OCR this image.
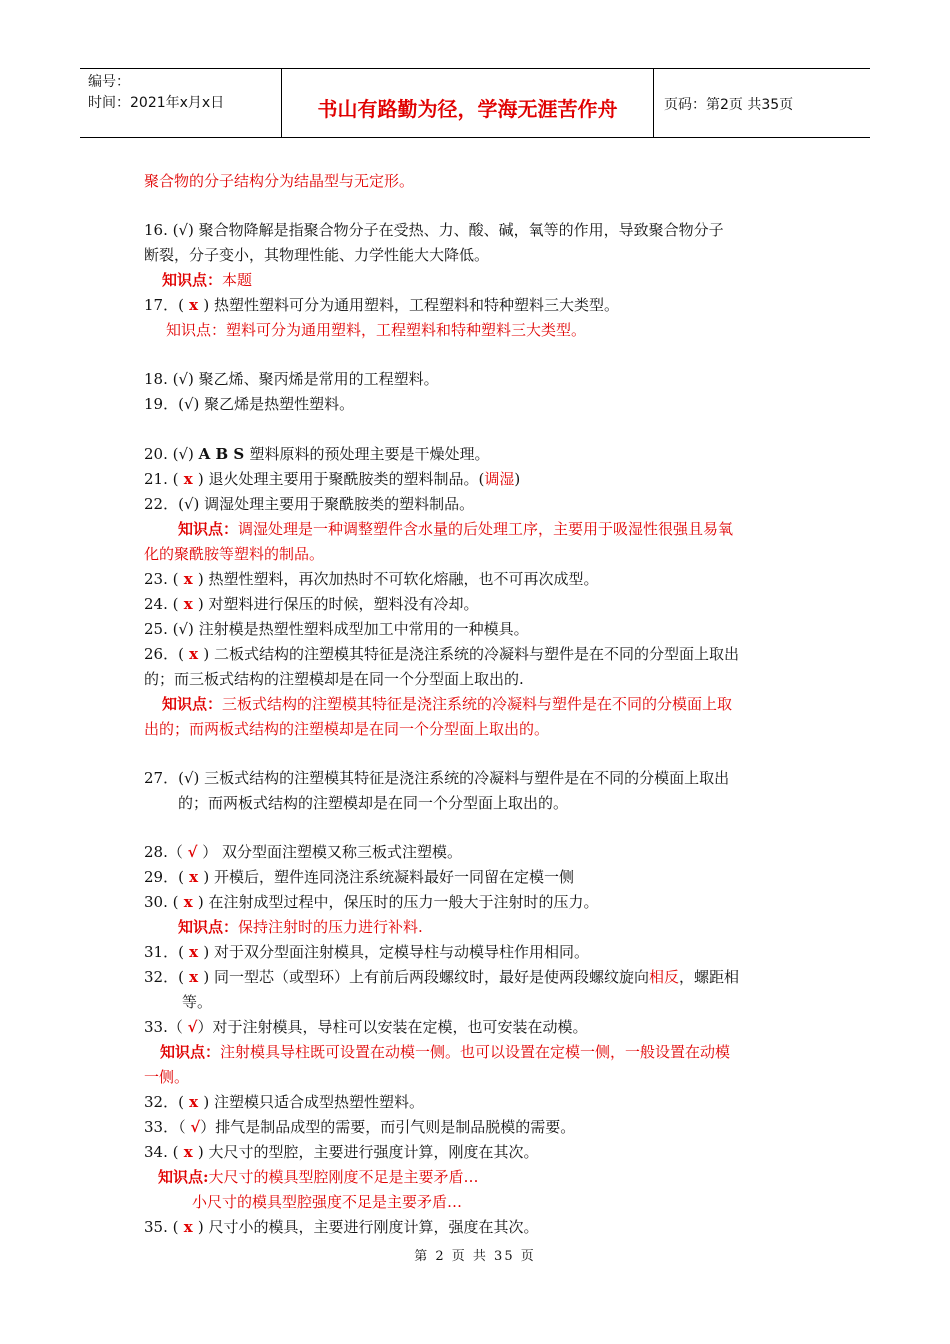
编号：
时间：2021年x月x日	书山有路勤为径，学海无涯苦作舟	页码：第2页 共35页
聚合物的分子结构分为结晶型与无定形。
16. (√) 聚合物降解是指聚合物分子在受热、力、酸、碱，氧等的作用，导致聚合物分子
断裂，分子变小，其物理性能、力学性能大大降低。
知识点：本题
17．( x ) 热塑性塑料可分为通用塑料，工程塑料和特种塑料三大类型。
知识点：塑料可分为通用塑料，工程塑料和特种塑料三大类型。
18. (√) 聚乙烯、聚丙烯是常用的工程塑料。
19．(√) 聚乙烯是热塑性塑料。
20. (√) A B S 塑料原料的预处理主要是干燥处理。
21. ( x ) 退火处理主要用于聚酰胺类的塑料制品。(调湿)
22．(√) 调湿处理主要用于聚酰胺类的塑料制品。
知识点：调湿处理是一种调整塑件含水量的后处理工序，主要用于吸湿性很强且易氧
化的聚酰胺等塑料的制品。
23. ( x ) 热塑性塑料，再次加热时不可软化熔融，也不可再次成型。
24. ( x ) 对塑料进行保压的时候，塑料没有冷却。
25. (√) 注射模是热塑性塑料成型加工中常用的一种模具。
26．( x ) 二板式结构的注塑模其特征是浇注系统的冷凝料与塑件是在不同的分型面上取出
的；而三板式结构的注塑模却是在同一个分型面上取出的.
知识点：三板式结构的注塑模其特征是浇注系统的冷凝料与塑件是在不同的分模面上取
出的；而两板式结构的注塑模却是在同一个分型面上取出的。
27．(√) 三板式结构的注塑模其特征是浇注系统的冷凝料与塑件是在不同的分模面上取出
的；而两板式结构的注塑模却是在同一个分型面上取出的。
28.（ √ ） 双分型面注塑模又称三板式注塑模。
29．( x ) 开模后，塑件连同浇注系统凝料最好一同留在定模一侧
30. ( x ) 在注射成型过程中，保压时的压力一般大于注射时的压力。
知识点：保持注射时的压力进行补料.
31．( x ) 对于双分型面注射模具，定模导柱与动模导柱作用相同。
32．( x ) 同一型芯（或型环）上有前后两段螺纹时，最好是使两段螺纹旋向相反，螺距相
等。
33.（ √）对于注射模具，导柱可以安装在定模，也可安装在动模。
知识点：注射模具导柱既可设置在动模一侧。也可以设置在定模一侧，一般设置在动模
一侧。
32．( x ) 注塑模只适合成型热塑性塑料。
33．（ √）排气是制品成型的需要，而引气则是制品脱模的需要。
34. ( x ) 大尺寸的型腔，主要进行强度计算，刚度在其次。
知识点:大尺寸的模具型腔刚度不足是主要矛盾…
小尺寸的模具型腔强度不足是主要矛盾…
35. ( x ) 尺寸小的模具，主要进行刚度计算，强度在其次。
第 2 页 共 35 页
